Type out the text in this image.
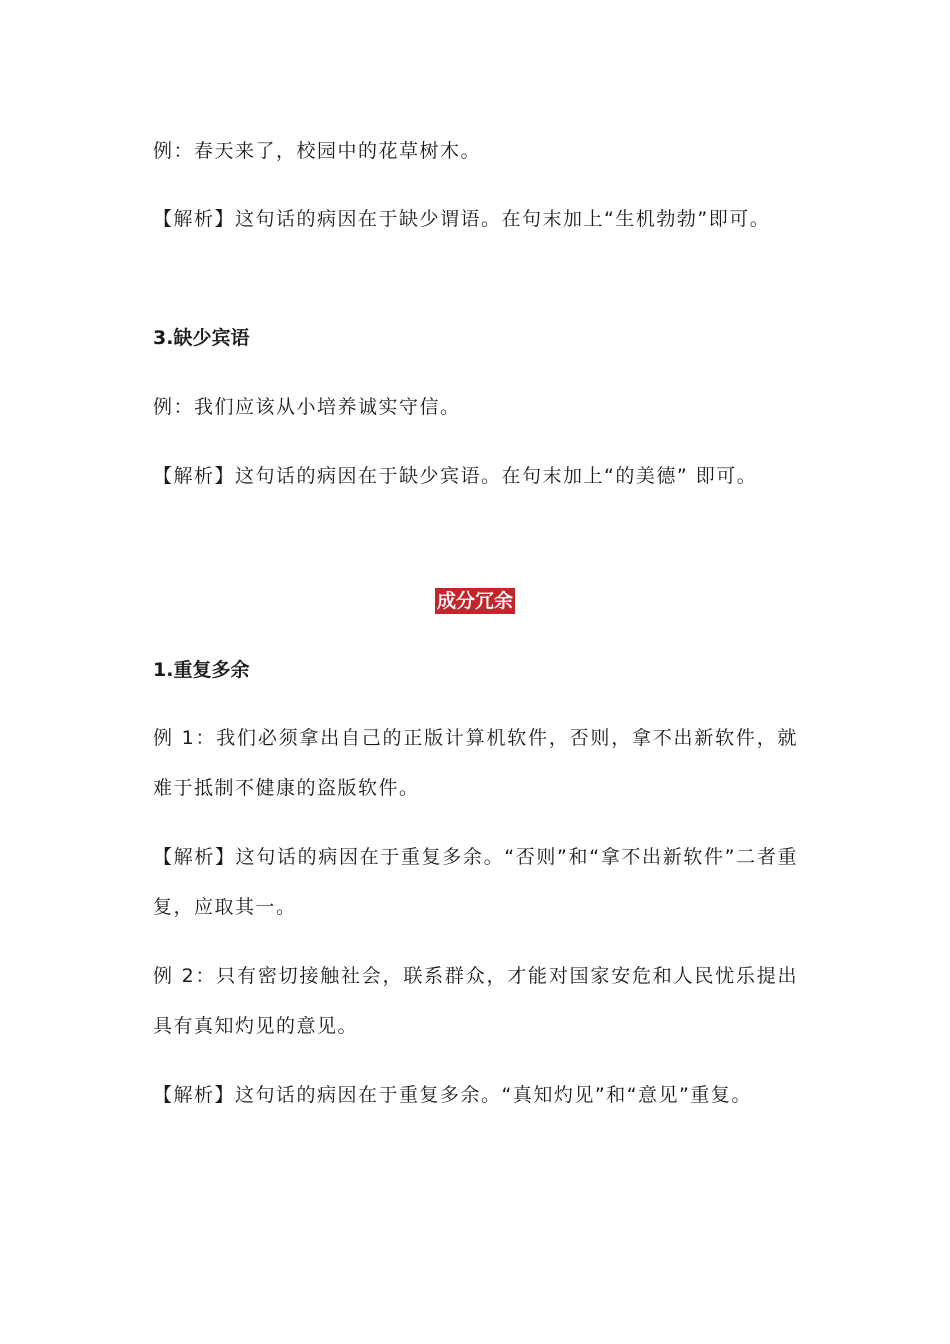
例：春天来了，校园中的花草树木。
【解析】这句话的病因在于缺少谓语。在句末加上“生机勃勃”即可。
3.缺少宾语
例：我们应该从小培养诚实守信。
【解析】这句话的病因在于缺少宾语。在句末加上“的美德” 即可。
成分冗余
1.重复多余
例 1：我们必须拿出自己的正版计算机软件，否则，拿不出新软件，就难于抵制不健康的盗版软件。
【解析】这句话的病因在于重复多余。“否则”和“拿不出新软件”二者重复，应取其一。
例 2：只有密切接触社会，联系群众，才能对国家安危和人民忧乐提出具有真知灼见的意见。
【解析】这句话的病因在于重复多余。“真知灼见”和“意见”重复。
